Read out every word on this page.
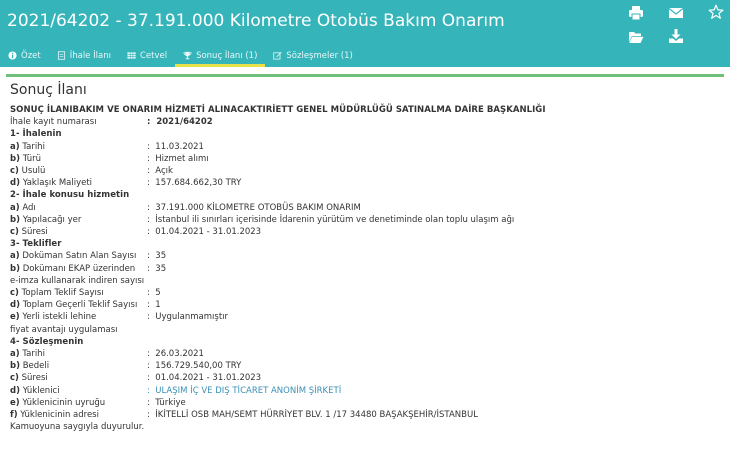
2021/64202 - 37.191.000 Kilometre Otobüs Bakım Onarım
Özet	İhale İlanı	Cetvel	Sonuç İlanı (1)	Sözleşmeler (1)
Sonuç İlanı
SONUÇ İLANIBAKIM VE ONARIM HİZMETİ ALINACAKTIRİETT GENEL MÜDÜRLÜĞÜ SATINALMA DAİRE BAŞKANLIĞI
İhale kayıt numarası	: 2021/64202
1- İhalenin
a) Tarihi	: 11.03.2021
b) Türü	: Hizmet alımı
c) Usulü	: Açık
d) Yaklaşık Maliyeti	: 157.684.662,30 TRY
2- İhale konusu hizmetin
a) Adı	: 37.191.000 KİLOMETRE OTOBÜS BAKIM ONARIM
b) Yapılacağı yer	: İstanbul ili sınırları içerisinde İdarenin yürütüm ve denetiminde olan toplu ulaşım ağı
c) Süresi	: 01.04.2021 - 31.01.2023
3- Teklifler
a) Doküman Satın Alan Sayısı	: 35
b) Dokümanı EKAP üzerinden	: 35
e-imza kullanarak indiren sayısı
c) Toplam Teklif Sayısı	: 5
d) Toplam Geçerli Teklif Sayısı	: 1
e) Yerli istekli lehine	: Uygulanmamıştır
fiyat avantajı uygulaması
4- Sözleşmenin
a) Tarihi	: 26.03.2021
b) Bedeli	: 156.729.540,00 TRY
c) Süresi	: 01.04.2021 - 31.01.2023
d) Yüklenici	: ULAŞIM İÇ VE DIŞ TİCARET ANONİM ŞİRKETİ
e) Yüklenicinin uyruğu	: Türkiye
f) Yüklenicinin adresi	: İKİTELLİ OSB MAH/SEMT HÜRRİYET BLV. 1 /17 34480 BAŞAKŞEHİR/İSTANBUL
Kamuoyuna saygıyla duyurulur.
